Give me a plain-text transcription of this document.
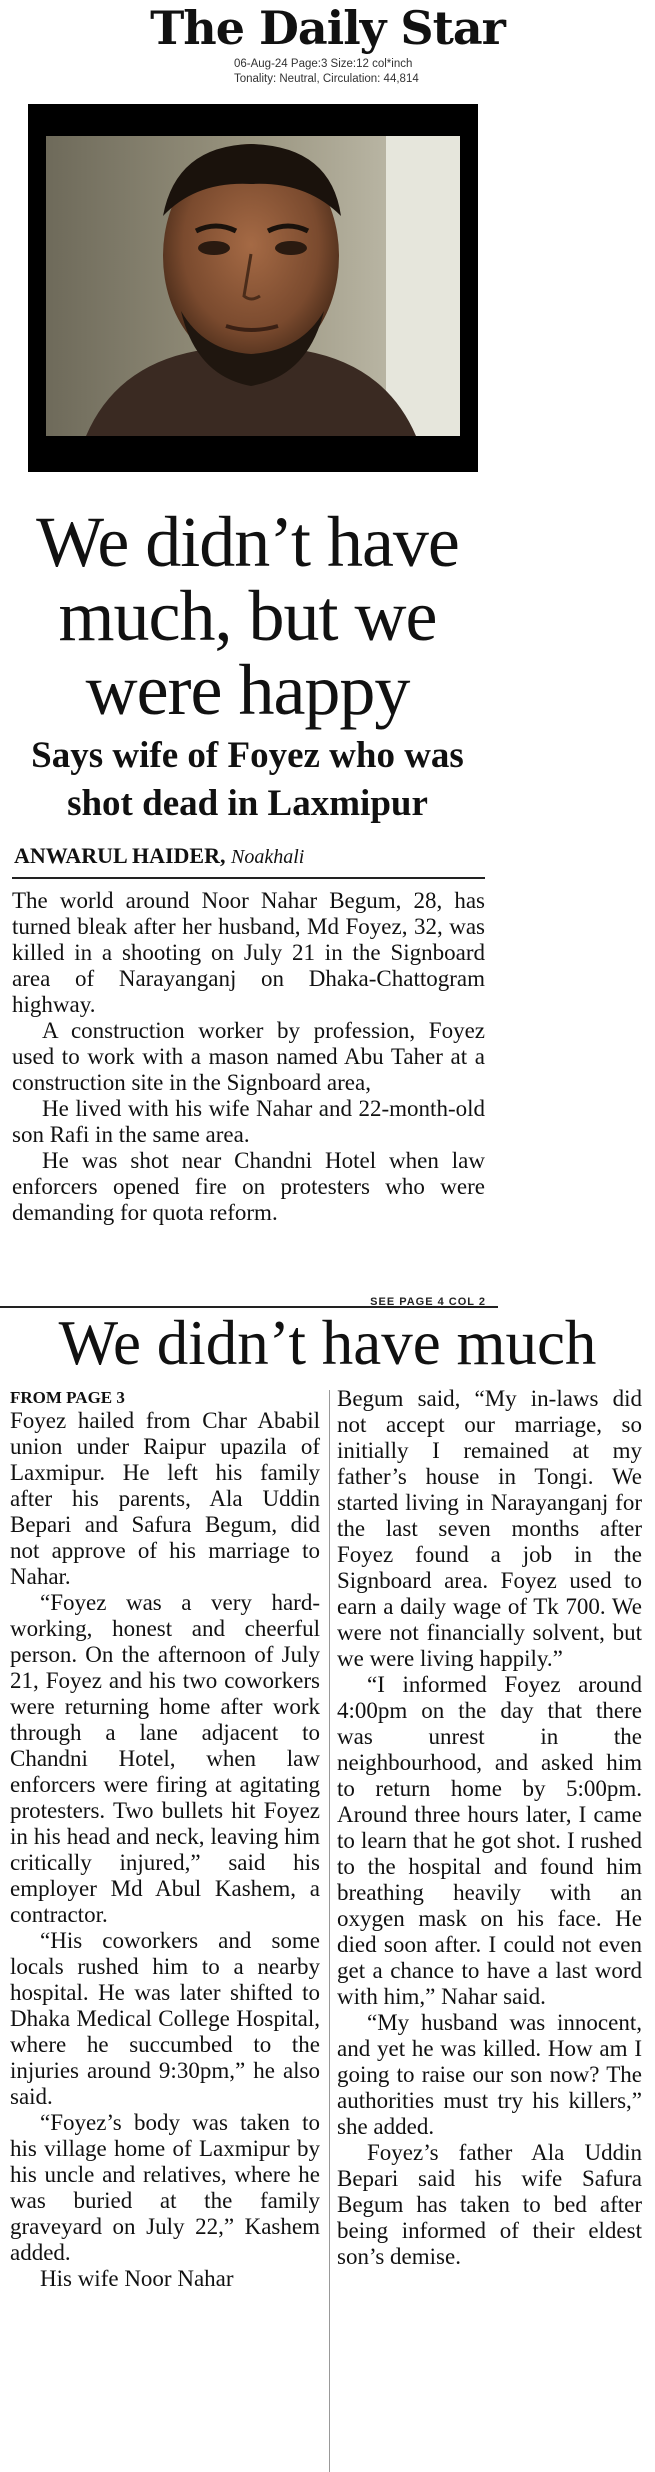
The Daily Star
06-Aug-24 Page:3 Size:12 col*inch
Tonality: Neutral, Circulation: 44,814
We didn’t have much, but we were happy
Says wife of Foyez who was shot dead in Laxmipur
ANWARUL HAIDER, Noakhali

The world around Noor Nahar Begum, 28, has turned bleak after her husband, Md Foyez, 32, was killed in a shooting on July 21 in the Signboard area of Narayanganj on Dhaka-Chattogram highway.

A construction worker by profession, Foyez used to work with a mason named Abu Taher at a construction site in the Signboard area,

He lived with his wife Nahar and 22-month-old son Rafi in the same area.

He was shot near Chandni Hotel when law enforcers opened fire on protesters who were demanding for quota reform.

SEE PAGE 4 COL 2
We didn’t have much
FROM PAGE 3

Foyez hailed from Char Ababil union under Raipur upazila of Laxmipur. He left his family after his parents, Ala Uddin Bepari and Safura Begum, did not approve of his marriage to Nahar.

“Foyez was a very hard-working, honest and cheerful person. On the afternoon of July 21, Foyez and his two coworkers were returning home after work through a lane adjacent to Chandni Hotel, when law enforcers were firing at agitating protesters. Two bullets hit Foyez in his head and neck, leaving him critically injured,” said his employer Md Abul Kashem, a contractor.

“His coworkers and some locals rushed him to a nearby hospital. He was later shifted to Dhaka Medical College Hospital, where he succumbed to the injuries around 9:30pm,” he also said.

“Foyez’s body was taken to his village home of Laxmipur by his uncle and relatives, where he was buried at the family graveyard on July 22,” Kashem added.

His wife Noor Nahar

Begum said, “My in-laws did not accept our marriage, so initially I remained at my father’s house in Tongi. We started living in Narayanganj for the last seven months after Foyez found a job in the Signboard area. Foyez used to earn a daily wage of Tk 700. We were not financially solvent, but we were living happily.”

“I informed Foyez around 4:00pm on the day that there was unrest in the neighbourhood, and asked him to return home by 5:00pm. Around three hours later, I came to learn that he got shot. I rushed to the hospital and found him breathing heavily with an oxygen mask on his face. He died soon after. I could not even get a chance to have a last word with him,” Nahar said.

“My husband was innocent, and yet he was killed. How am I going to raise our son now? The authorities must try his killers,” she added.

Foyez’s father Ala Uddin Bepari said his wife Safura Begum has taken to bed after being informed of their eldest son’s demise.
